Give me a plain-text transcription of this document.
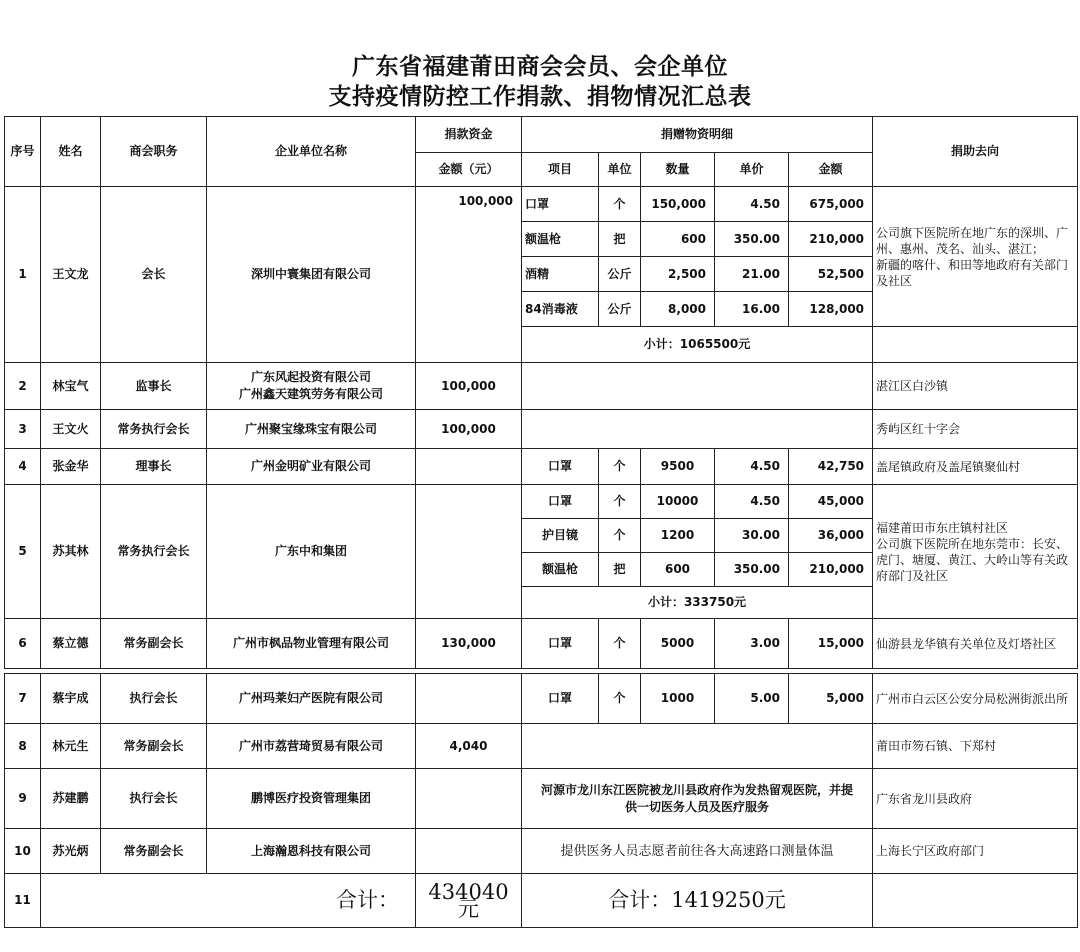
广东省福建莆田商会会员、会企单位
支持疫情防控工作捐款、捐物情况汇总表
序号	姓名	商会职务	企业单位名称	捐款资金	捐赠物资明细					捐助去向
				金额（元）	项目	单位	数量	单价	金额	
1	王文龙	会长	深圳中寰集团有限公司	100,000	口罩	个	150,000	4.50	675,000	公司旗下医院所在地广东的深圳、广州、惠州、茂名、汕头、湛江；
新疆的喀什、和田等地政府有关部门及社区
					额温枪	把	600	350.00	210,000	
					酒精	公斤	2,500	21.00	52,500	
					84消毒液	公斤	8,000	16.00	128,000	
					小计：1065500元					
2	林宝气	监事长	广东风起投资有限公司
广州鑫天建筑劳务有限公司	100,000						湛江区白沙镇
3	王文火	常务执行会长	广州聚宝缘珠宝有限公司	100,000						秀屿区红十字会
4	张金华	理事长	广州金明矿业有限公司		口罩	个	9500	4.50	42,750	盖尾镇政府及盖尾镇聚仙村
5	苏其林	常务执行会长	广东中和集团		口罩	个	10000	4.50	45,000	福建莆田市东庄镇村社区
公司旗下医院所在地东莞市：长安、虎门、塘厦、黄江、大岭山等有关政府部门及社区
					护目镜	个	1200	30.00	36,000	
					额温枪	把	600	350.00	210,000	
					小计：333750元					
6	蔡立德	常务副会长	广州市枫品物业管理有限公司	130,000	口罩	个	5000	3.00	15,000	仙游县龙华镇有关单位及灯塔社区

7	蔡宇成	执行会长	广州玛莱妇产医院有限公司		口罩	个	1000	5.00	5,000	广州市白云区公安分局松洲街派出所
8	林元生	常务副会长	广州市荔营琦贸易有限公司	4,040						莆田市笏石镇、下郑村
9	苏建鹏	执行会长	鹏博医疗投资管理集团		河源市龙川东江医院被龙川县政府作为发热留观医院，并提供一切医务人员及医疗服务					广东省龙川县政府
10	苏光炳	常务副会长	上海瀚恩科技有限公司		提供医务人员志愿者前往各大高速路口测量体温					上海长宁区政府部门
11	合计：			434040元	合计：1419250元					
